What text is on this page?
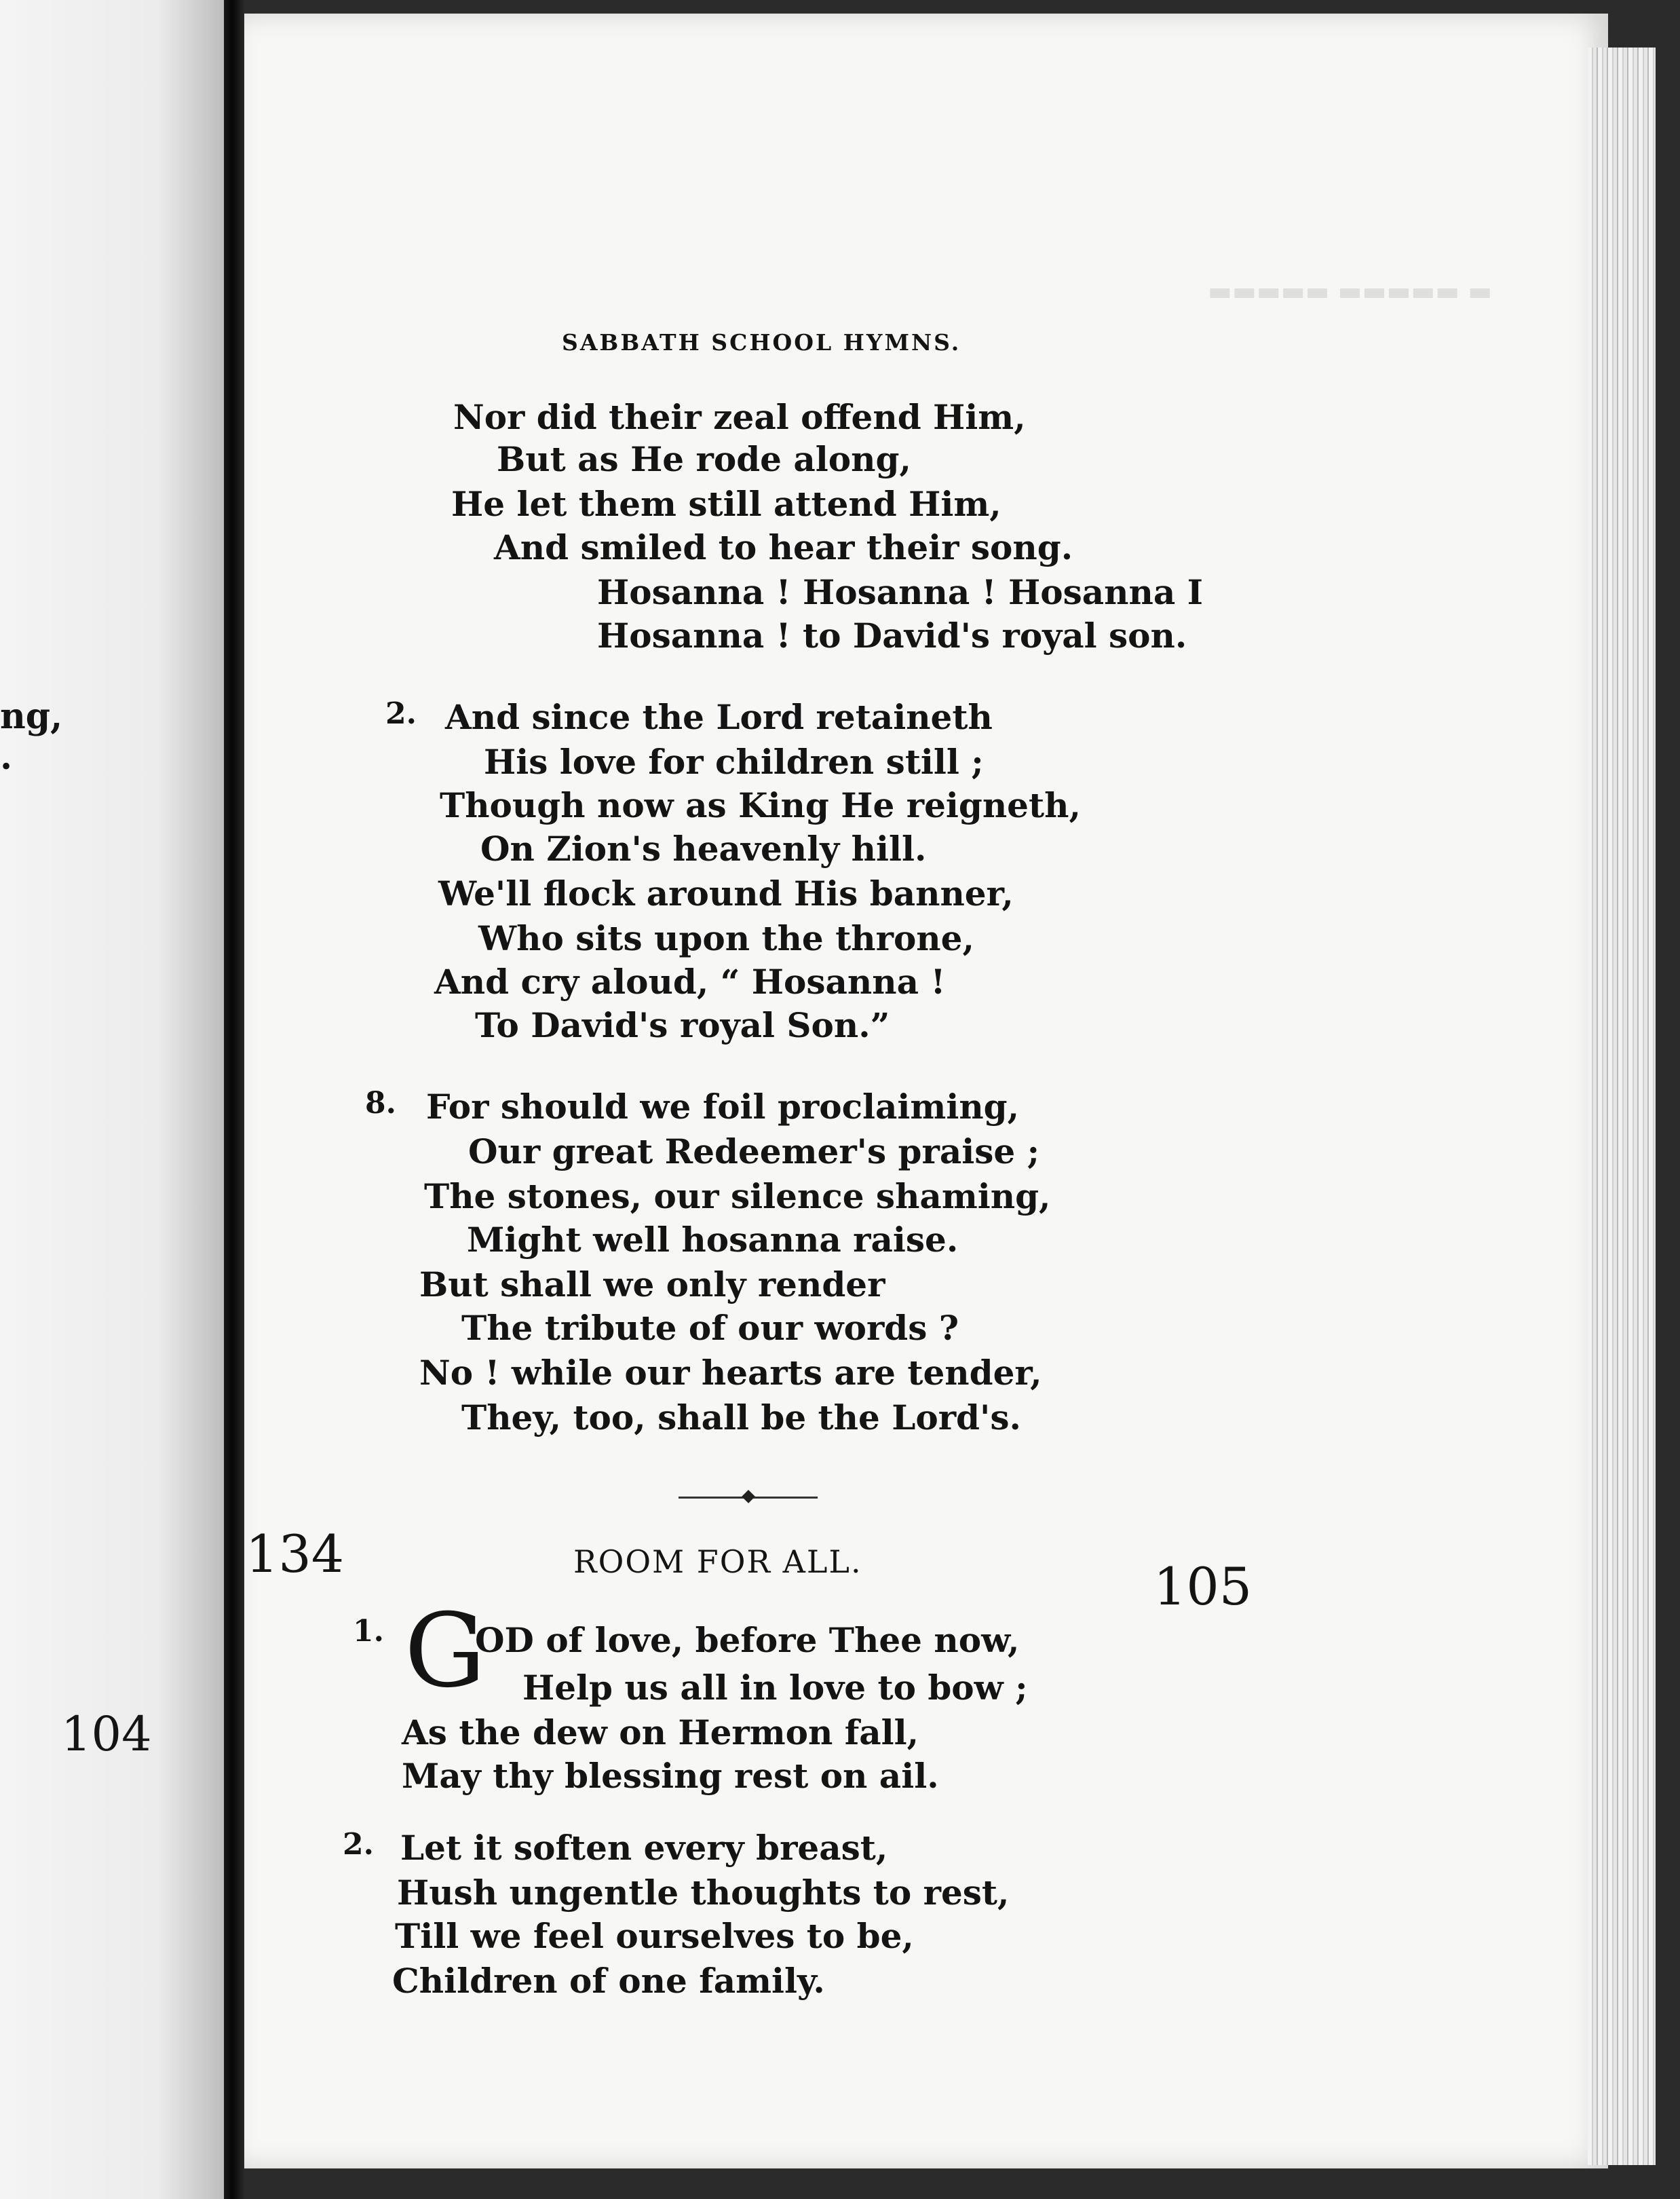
ng,
.
104
▬ ▬▬▬▬▬ ▬▬▬▬▬
SABBATH SCHOOL HYMNS.
Nor did their zeal offend Him,
But as He rode along,
He let them still attend Him,
And smiled to hear their song.
Hosanna ! Hosanna ! Hosanna I
Hosanna ! to David's royal son.
2. And since the Lord retaineth
His love for children still ;
Though now as King He reigneth,
On Zion's heavenly hill.
We'll flock around His banner,
Who sits upon the throne,
And cry aloud, “ Hosanna !
To David's royal Son.”
8. For should we foil proclaiming,
Our great Redeemer's praise ;
The stones, our silence shaming,
Might well hosanna raise.
But shall we only render
The tribute of our words ?
No ! while our hearts are tender,
They, too, shall be the Lord's.
134	ROOM FOR ALL.	105
1. G
OD of love, before Thee now,
Help us all in love to bow ;
As the dew on Hermon fall,
May thy blessing rest on ail.
2. Let it soften every breast,
Hush ungentle thoughts to rest,
Till we feel ourselves to be,
Children of one family.
